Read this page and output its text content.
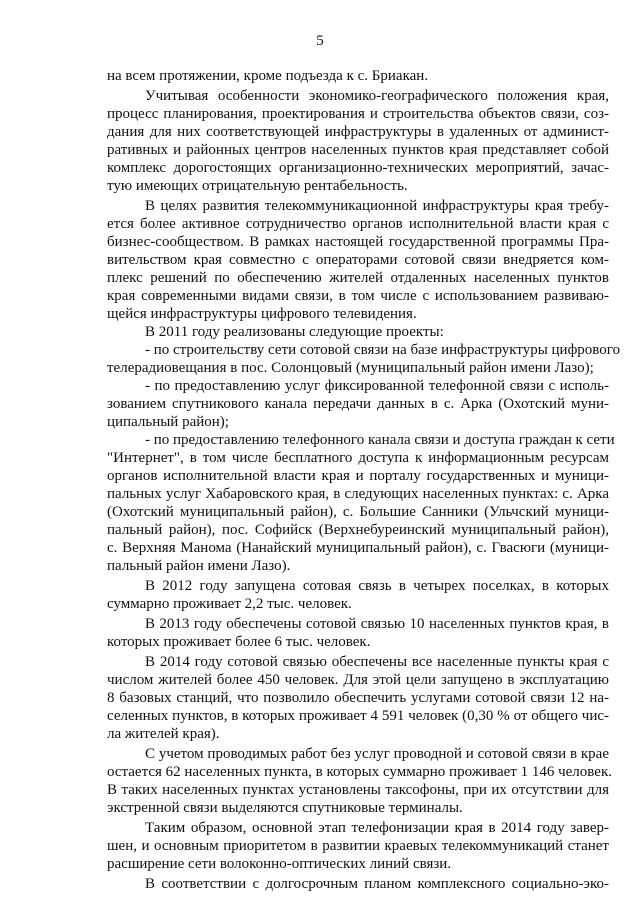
5
на всем протяжении, кроме подъезда к с. Бриакан.
Учитывая особенности экономико-географического положения края,
процесс планирования, проектирования и строительства объектов связи, соз-
дания для них соответствующей инфраструктуры в удаленных от админист-
ративных и районных центров населенных пунктов края представляет собой
комплекс дорогостоящих организационно-технических мероприятий, зачас-
тую имеющих отрицательную рентабельность.
В целях развития телекоммуникационной инфраструктуры края требу-
ется более активное сотрудничество органов исполнительной власти края с
бизнес-сообществом. В рамках настоящей государственной программы Пра-
вительством края совместно с операторами сотовой связи внедряется ком-
плекс решений по обеспечению жителей отдаленных населенных пунктов
края современными видами связи, в том числе с использованием развиваю-
щейся инфраструктуры цифрового телевидения.
В 2011 году реализованы следующие проекты:
- по строительству сети сотовой связи на базе инфраструктуры цифрового
телерадиовещания в пос. Солонцовый (муниципальный район имени Лазо);
- по предоставлению услуг фиксированной телефонной связи с исполь-
зованием спутникового канала передачи данных в с. Арка (Охотский муни-
ципальный район);
- по предоставлению телефонного канала связи и доступа граждан к сети
"Интернет", в том числе бесплатного доступа к информационным ресурсам
органов исполнительной власти края и порталу государственных и муници-
пальных услуг Хабаровского края, в следующих населенных пунктах: с. Арка
(Охотский муниципальный район), с. Большие Санники (Ульчский муници-
пальный район), пос. Софийск (Верхнебуреинский муниципальный район),
с. Верхняя Манома (Нанайский муниципальный район), с. Гвасюги (муници-
пальный район имени Лазо).
В 2012 году запущена сотовая связь в четырех поселках, в которых
суммарно проживает 2,2 тыс. человек.
В 2013 году обеспечены сотовой связью 10 населенных пунктов края, в
которых проживает более 6 тыс. человек.
В 2014 году сотовой связью обеспечены все населенные пункты края с
числом жителей более 450 человек. Для этой цели запущено в эксплуатацию
8 базовых станций, что позволило обеспечить услугами сотовой связи 12 на-
селенных пунктов, в которых проживает 4 591 человек (0,30 % от общего чис-
ла жителей края).
С учетом проводимых работ без услуг проводной и сотовой связи в крае
остается 62 населенных пункта, в которых суммарно проживает 1 146 человек.
В таких населенных пунктах установлены таксофоны, при их отсутствии для
экстренной связи выделяются спутниковые терминалы.
Таким образом, основной этап телефонизации края в 2014 году завер-
шен, и основным приоритетом в развитии краевых телекоммуникаций станет
расширение сети волоконно-оптических линий связи.
В соответствии с долгосрочным планом комплексного социально-эко-
